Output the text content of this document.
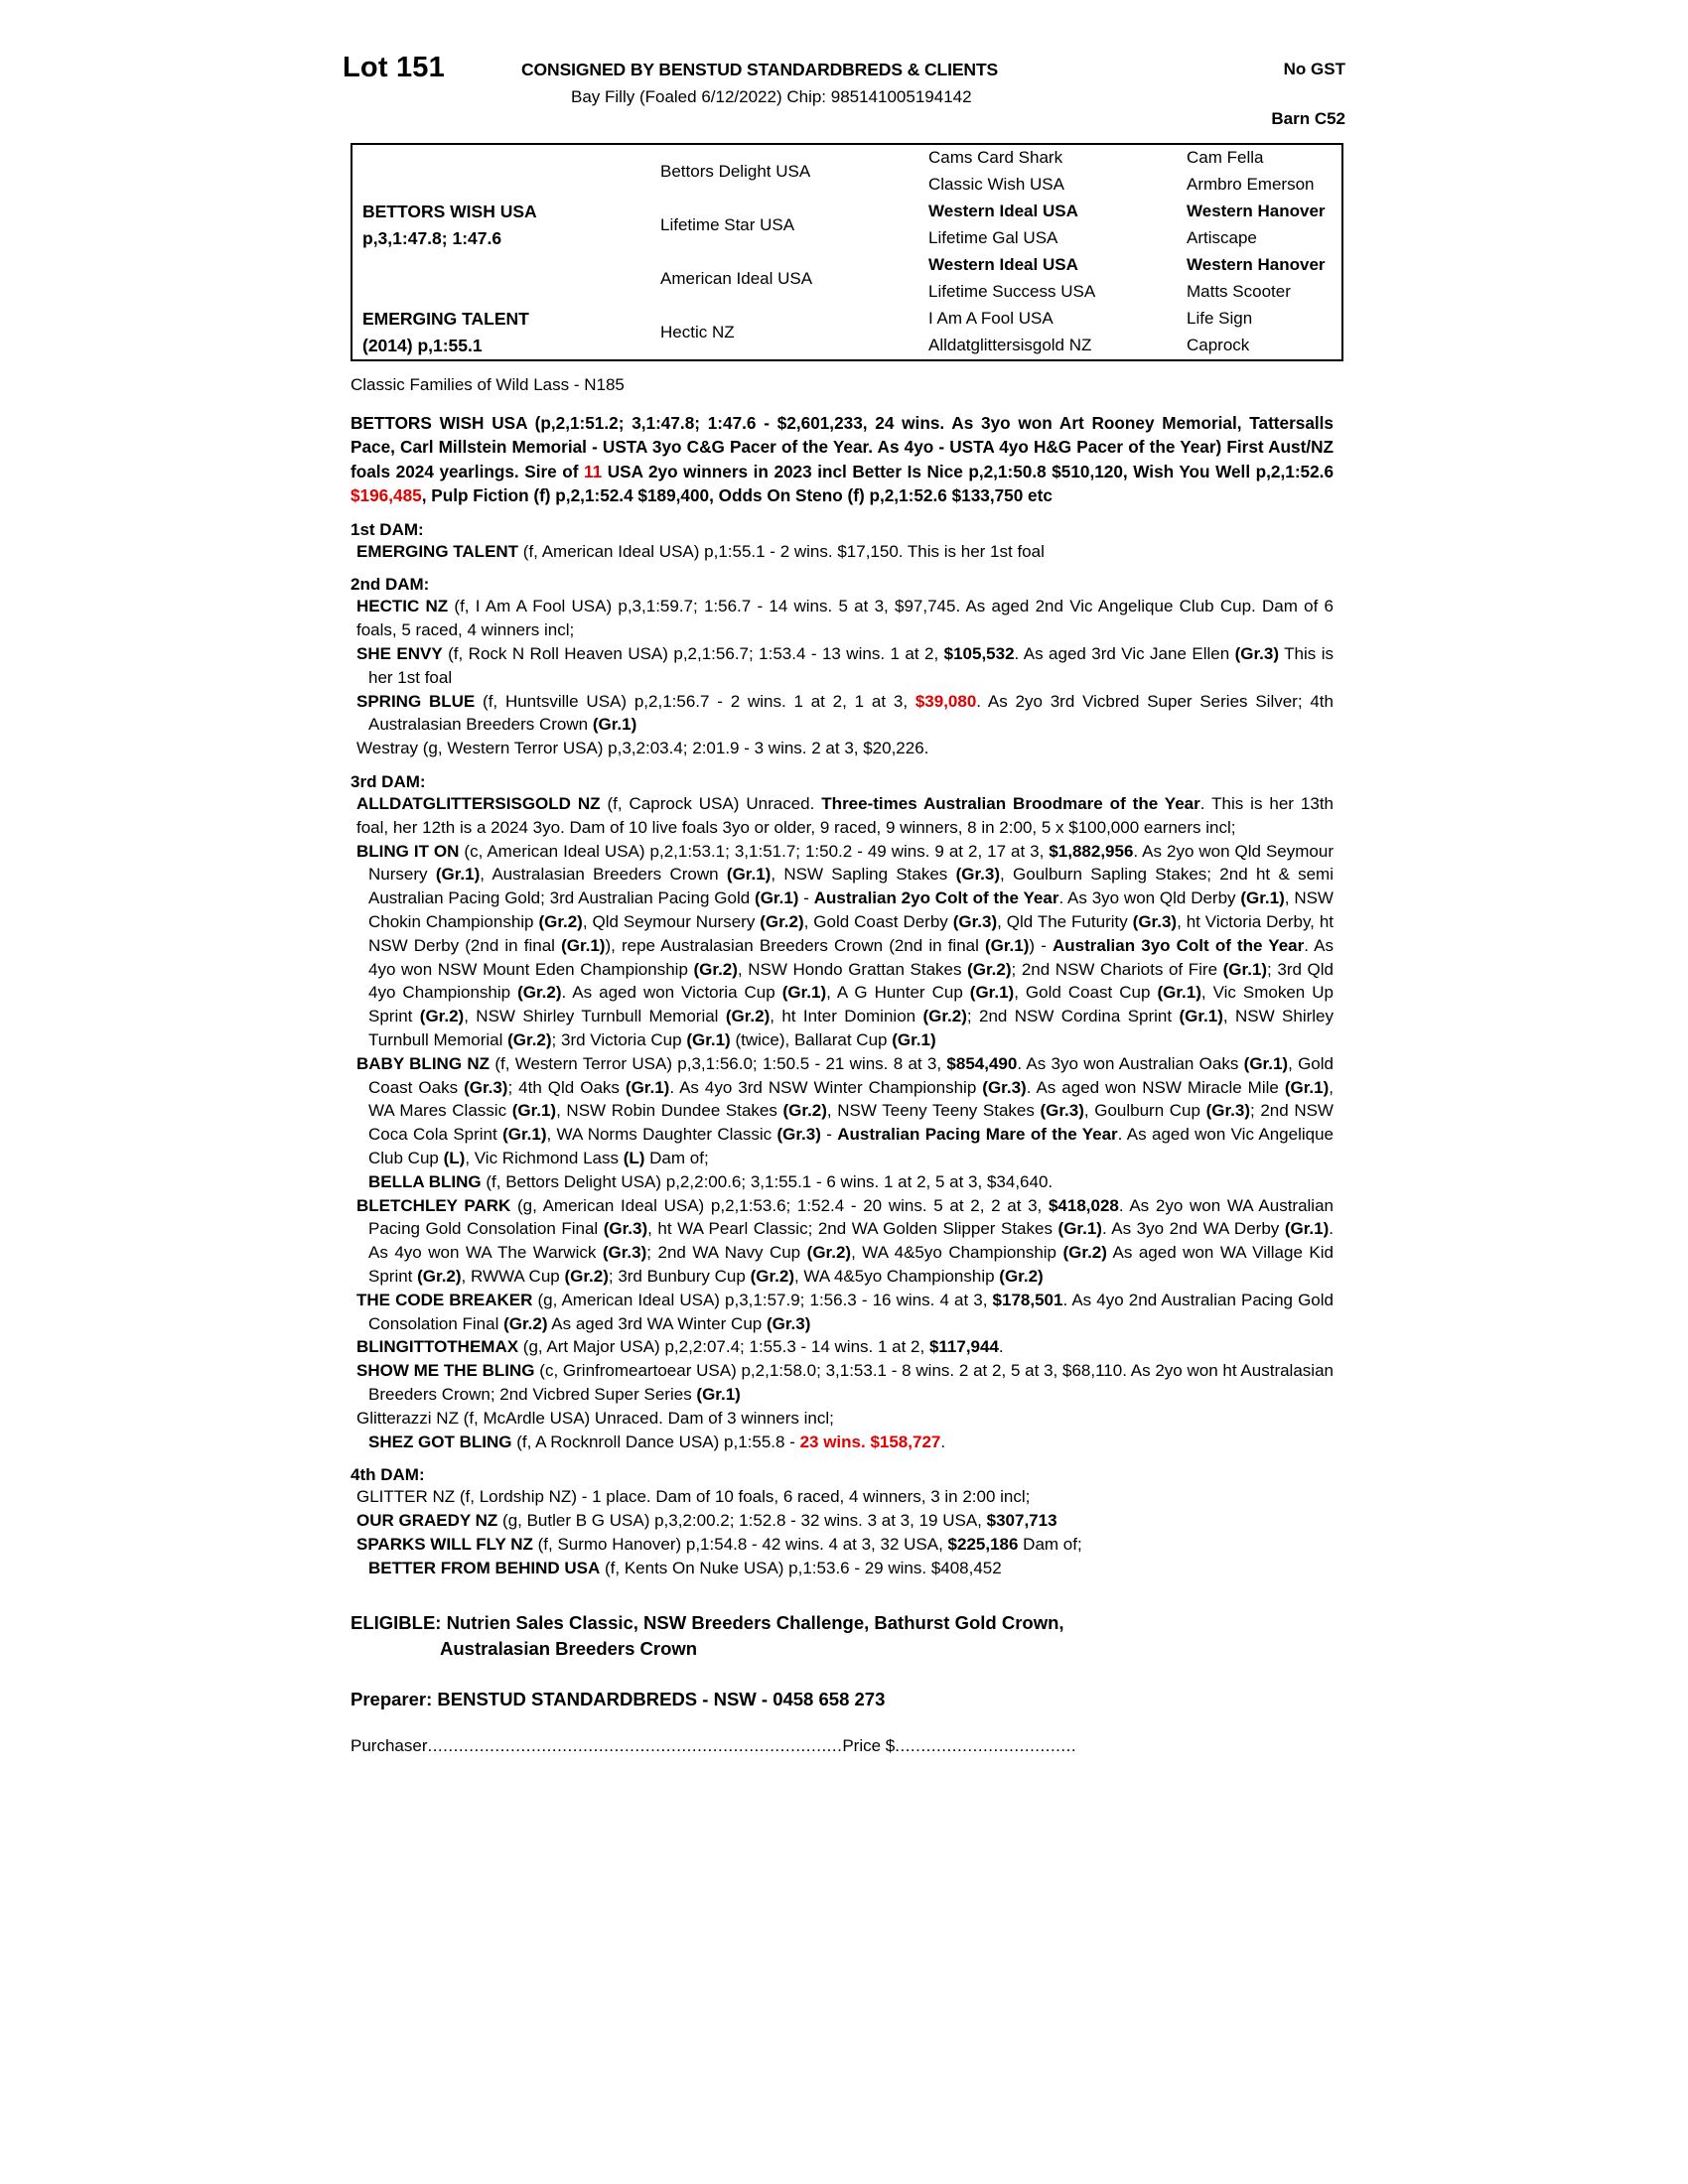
Lot 151	CONSIGNED BY BENSTUD STANDARDBREDS & CLIENTS	No GST
Bay Filly (Foaled 6/12/2022) Chip: 985141005194142
Barn C52
	Bettors Delight USA	Cams Card Shark	Cam Fella
		Classic Wish USA	Armbro Emerson
BETTORS WISH USA	Lifetime Star USA	Western Ideal USA	Western Hanover
p,3,1:47.8; 1:47.6		Lifetime Gal USA	Artiscape
	American Ideal USA	Western Ideal USA	Western Hanover
		Lifetime Success USA	Matts Scooter
EMERGING TALENT	Hectic NZ	I Am A Fool USA	Life Sign
(2014) p,1:55.1		Alldatglittersisgold NZ	Caprock
Classic Families of Wild Lass - N185
BETTORS WISH USA (p,2,1:51.2; 3,1:47.8; 1:47.6 - $2,601,233, 24 wins. As 3yo won Art Rooney Memorial, Tattersalls Pace, Carl Millstein Memorial - USTA 3yo C&G Pacer of the Year. As 4yo - USTA 4yo H&G Pacer of the Year) First Aust/NZ foals 2024 yearlings. Sire of 11 USA 2yo winners in 2023 incl Better Is Nice p,2,1:50.8 $510,120, Wish You Well p,2,1:52.6 $196,485, Pulp Fiction (f) p,2,1:52.4 $189,400, Odds On Steno (f) p,2,1:52.6 $133,750 etc
1st DAM:

EMERGING TALENT (f, American Ideal USA) p,1:55.1 - 2 wins. $17,150. This is her 1st foal

2nd DAM:

HECTIC NZ (f, I Am A Fool USA) p,3,1:59.7; 1:56.7 - 14 wins. 5 at 3, $97,745. As aged 2nd Vic Angelique Club Cup. Dam of 6 foals, 5 raced, 4 winners incl;

SHE ENVY (f, Rock N Roll Heaven USA) p,2,1:56.7; 1:53.4 - 13 wins. 1 at 2, $105,532. As aged 3rd Vic Jane Ellen (Gr.3) This is her 1st foal

SPRING BLUE (f, Huntsville USA) p,2,1:56.7 - 2 wins. 1 at 2, 1 at 3, $39,080. As 2yo 3rd Vicbred Super Series Silver; 4th Australasian Breeders Crown (Gr.1)

Westray (g, Western Terror USA) p,3,2:03.4; 2:01.9 - 3 wins. 2 at 3, $20,226.

3rd DAM:

ALLDATGLITTERSISGOLD NZ (f, Caprock USA) Unraced. Three-times Australian Broodmare of the Year. This is her 13th foal, her 12th is a 2024 3yo. Dam of 10 live foals 3yo or older, 9 raced, 9 winners, 8 in 2:00, 5 x $100,000 earners incl;

BLING IT ON (c, American Ideal USA) p,2,1:53.1; 3,1:51.7; 1:50.2 - 49 wins. 9 at 2, 17 at 3, $1,882,956. As 2yo won Qld Seymour Nursery (Gr.1), Australasian Breeders Crown (Gr.1), NSW Sapling Stakes (Gr.3), Goulburn Sapling Stakes; 2nd ht & semi Australian Pacing Gold; 3rd Australian Pacing Gold (Gr.1) - Australian 2yo Colt of the Year. As 3yo won Qld Derby (Gr.1), NSW Chokin Championship (Gr.2), Qld Seymour Nursery (Gr.2), Gold Coast Derby (Gr.3), Qld The Futurity (Gr.3), ht Victoria Derby, ht NSW Derby (2nd in final (Gr.1)), repe Australasian Breeders Crown (2nd in final (Gr.1)) - Australian 3yo Colt of the Year. As 4yo won NSW Mount Eden Championship (Gr.2), NSW Hondo Grattan Stakes (Gr.2); 2nd NSW Chariots of Fire (Gr.1); 3rd Qld 4yo Championship (Gr.2). As aged won Victoria Cup (Gr.1), A G Hunter Cup (Gr.1), Gold Coast Cup (Gr.1), Vic Smoken Up Sprint (Gr.2), NSW Shirley Turnbull Memorial (Gr.2), ht Inter Dominion (Gr.2); 2nd NSW Cordina Sprint (Gr.1), NSW Shirley Turnbull Memorial (Gr.2); 3rd Victoria Cup (Gr.1) (twice), Ballarat Cup (Gr.1)

BABY BLING NZ (f, Western Terror USA) p,3,1:56.0; 1:50.5 - 21 wins. 8 at 3, $854,490. As 3yo won Australian Oaks (Gr.1), Gold Coast Oaks (Gr.3); 4th Qld Oaks (Gr.1). As 4yo 3rd NSW Winter Championship (Gr.3). As aged won NSW Miracle Mile (Gr.1), WA Mares Classic (Gr.1), NSW Robin Dundee Stakes (Gr.2), NSW Teeny Teeny Stakes (Gr.3), Goulburn Cup (Gr.3); 2nd NSW Coca Cola Sprint (Gr.1), WA Norms Daughter Classic (Gr.3) - Australian Pacing Mare of the Year. As aged won Vic Angelique Club Cup (L), Vic Richmond Lass (L) Dam of;

BELLA BLING (f, Bettors Delight USA) p,2,2:00.6; 3,1:55.1 - 6 wins. 1 at 2, 5 at 3, $34,640.

BLETCHLEY PARK (g, American Ideal USA) p,2,1:53.6; 1:52.4 - 20 wins. 5 at 2, 2 at 3, $418,028. As 2yo won WA Australian Pacing Gold Consolation Final (Gr.3), ht WA Pearl Classic; 2nd WA Golden Slipper Stakes (Gr.1). As 3yo 2nd WA Derby (Gr.1). As 4yo won WA The Warwick (Gr.3); 2nd WA Navy Cup (Gr.2), WA 4&5yo Championship (Gr.2) As aged won WA Village Kid Sprint (Gr.2), RWWA Cup (Gr.2); 3rd Bunbury Cup (Gr.2), WA 4&5yo Championship (Gr.2)

THE CODE BREAKER (g, American Ideal USA) p,3,1:57.9; 1:56.3 - 16 wins. 4 at 3, $178,501. As 4yo 2nd Australian Pacing Gold Consolation Final (Gr.2) As aged 3rd WA Winter Cup (Gr.3)

BLINGITTOTHEMAX (g, Art Major USA) p,2,2:07.4; 1:55.3 - 14 wins. 1 at 2, $117,944.

SHOW ME THE BLING (c, Grinfromeartoear USA) p,2,1:58.0; 3,1:53.1 - 8 wins. 2 at 2, 5 at 3, $68,110. As 2yo won ht Australasian Breeders Crown; 2nd Vicbred Super Series (Gr.1)

Glitterazzi NZ (f, McArdle USA) Unraced. Dam of 3 winners incl;

SHEZ GOT BLING (f, A Rocknroll Dance USA) p,1:55.8 - 23 wins. $158,727.

4th DAM:

GLITTER NZ (f, Lordship NZ) - 1 place. Dam of 10 foals, 6 raced, 4 winners, 3 in 2:00 incl;

OUR GRAEDY NZ (g, Butler B G USA) p,3,2:00.2; 1:52.8 - 32 wins. 3 at 3, 19 USA, $307,713

SPARKS WILL FLY NZ (f, Surmo Hanover) p,1:54.8 - 42 wins. 4 at 3, 32 USA, $225,186 Dam of;

BETTER FROM BEHIND USA (f, Kents On Nuke USA) p,1:53.6 - 29 wins. $408,452

ELIGIBLE: Nutrien Sales Classic, NSW Breeders Challenge, Bathurst Gold Crown,
Australasian Breeders Crown
Preparer: BENSTUD STANDARDBREDS - NSW - 0458 658 273
Purchaser................................................................................Price $...................................
